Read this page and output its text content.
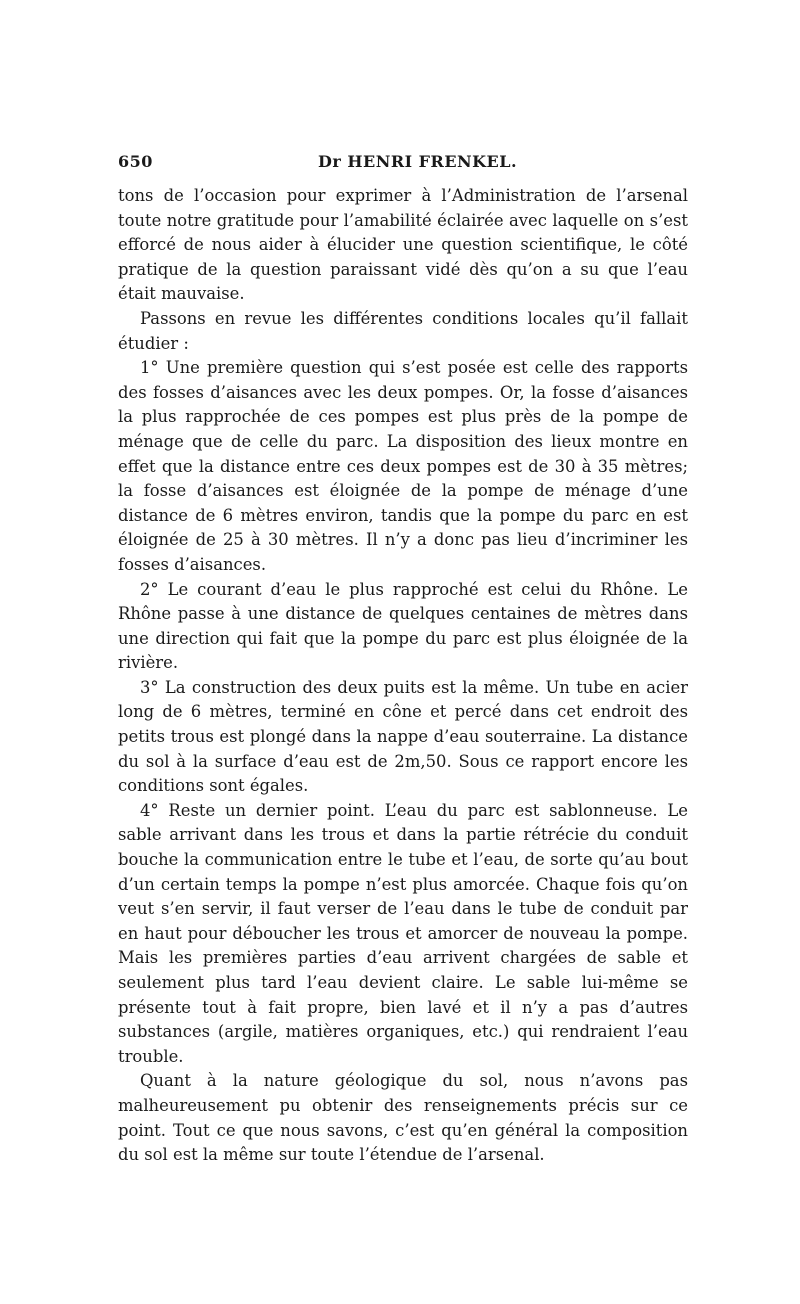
650	Dr HENRI FRENKEL.

tons de l’occasion pour exprimer à l’Administration de l’arsenal toute notre gratitude pour l’amabilité éclairée avec laquelle on s’est efforcé de nous aider à élucider une question scientifique, le côté pratique de la question paraissant vidé dès qu’on a su que l’eau était mauvaise.

Passons en revue les différentes conditions locales qu’il fallait étudier :

1° Une première question qui s’est posée est celle des rapports des fosses d’aisances avec les deux pompes. Or, la fosse d’aisances la plus rapprochée de ces pompes est plus près de la pompe de ménage que de celle du parc. La disposition des lieux montre en effet que la distance entre ces deux pompes est de 30 à 35 mètres; la fosse d’aisances est éloignée de la pompe de ménage d’une distance de 6 mètres environ, tandis que la pompe du parc en est éloignée de 25 à 30 mètres. Il n’y a donc pas lieu d’incriminer les fosses d’aisances.

2° Le courant d’eau le plus rapproché est celui du Rhône. Le Rhône passe à une distance de quelques centaines de mètres dans une direction qui fait que la pompe du parc est plus éloignée de la rivière.

3° La construction des deux puits est la même. Un tube en acier long de 6 mètres, terminé en cône et percé dans cet endroit des petits trous est plongé dans la nappe d’eau souterraine. La distance du sol à la surface d’eau est de 2m,50. Sous ce rapport encore les conditions sont égales.

4° Reste un dernier point. L’eau du parc est sablonneuse. Le sable arrivant dans les trous et dans la partie rétrécie du conduit bouche la communication entre le tube et l’eau, de sorte qu’au bout d’un certain temps la pompe n’est plus amorcée. Chaque fois qu’on veut s’en servir, il faut verser de l’eau dans le tube de conduit par en haut pour déboucher les trous et amorcer de nouveau la pompe. Mais les premières parties d’eau arrivent chargées de sable et seulement plus tard l’eau devient claire. Le sable lui-même se présente tout à fait propre, bien lavé et il n’y a pas d’autres substances (argile, matières organiques, etc.) qui rendraient l’eau trouble.

Quant à la nature géologique du sol, nous n’avons pas malheureusement pu obtenir des renseignements précis sur ce point. Tout ce que nous savons, c’est qu’en général la composition du sol est la même sur toute l’étendue de l’arsenal.
